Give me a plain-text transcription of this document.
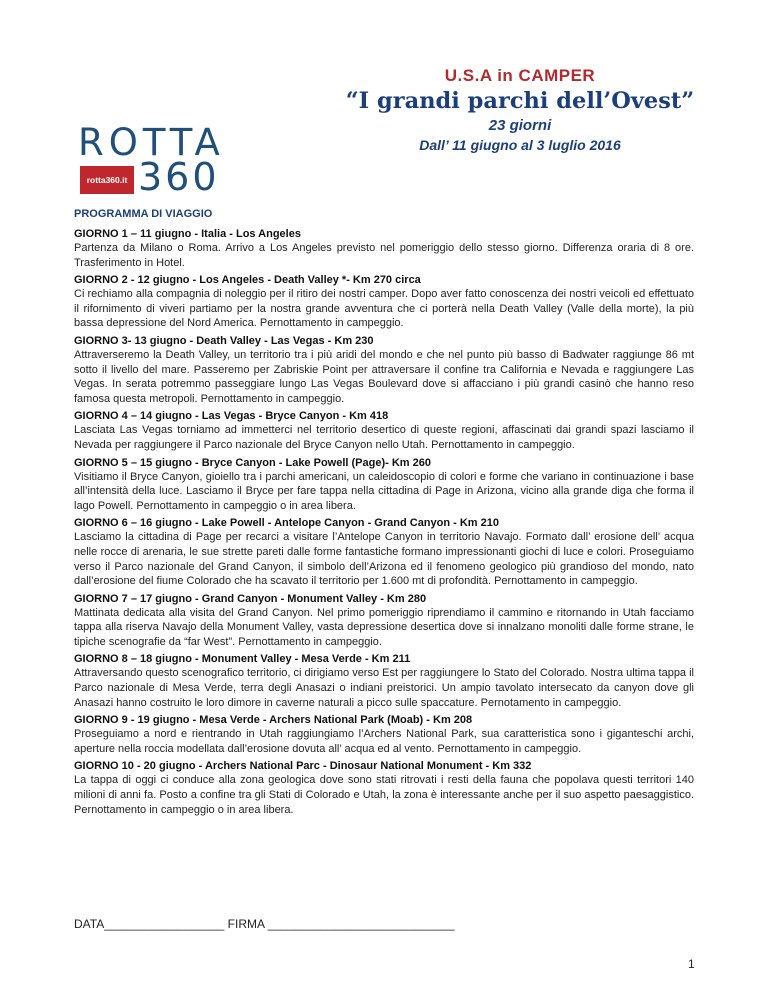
ROTTA
rotta360.it 360
U.S.A in CAMPER
“I grandi parchi dell’Ovest”
23 giorni
Dall’ 11 giugno al 3 luglio 2016
PROGRAMMA DI VIAGGIO

GIORNO 1 – 11 giugno - Italia - Los Angeles

Partenza da Milano o Roma. Arrivo a Los Angeles previsto nel pomeriggio dello stesso giorno. Differenza oraria di 8 ore. Trasferimento in Hotel.

GIORNO 2 - 12 giugno - Los Angeles - Death Valley *- Km 270 circa

Ci rechiamo alla compagnia di noleggio per il ritiro dei nostri camper. Dopo aver fatto conoscenza dei nostri veicoli ed effettuato il rifornimento di viveri partiamo per la nostra grande avventura che ci porterà nella Death Valley (Valle della morte), la più bassa depressione del Nord America. Pernottamento in campeggio.

GIORNO 3- 13 giugno - Death Valley - Las Vegas - Km 230

Attraverseremo la Death Valley, un territorio tra i più aridi del mondo e che nel punto più basso di Badwater raggiunge 86 mt sotto il livello del mare. Passeremo per Zabriskie Point per attraversare il confine tra California e Nevada e raggiungere Las Vegas. In serata potremmo passeggiare lungo Las Vegas Boulevard dove si affacciano i più grandi casinò che hanno reso famosa questa metropoli. Pernottamento in campeggio.

GIORNO 4 – 14 giugno - Las Vegas - Bryce Canyon - Km 418

Lasciata Las Vegas torniamo ad immetterci nel territorio desertico di queste regioni, affascinati dai grandi spazi lasciamo il Nevada per raggiungere il Parco nazionale del Bryce Canyon nello Utah. Pernottamento in campeggio.

GIORNO 5 – 15 giugno - Bryce Canyon - Lake Powell (Page)- Km 260

Visitiamo il Bryce Canyon, gioiello tra i parchi americani, un caleidoscopio di colori e forme che variano in continuazione i base all’intensità della luce. Lasciamo il Bryce per fare tappa nella cittadina di Page in Arizona, vicino alla grande diga che forma il lago Powell. Pernottamento in campeggio o in area libera.

GIORNO 6 – 16 giugno - Lake Powell - Antelope Canyon - Grand Canyon - Km 210

Lasciamo la cittadina di Page per recarci a visitare l’Antelope Canyon in territorio Navajo. Formato dall’ erosione dell’ acqua nelle rocce di arenaria, le sue strette pareti dalle forme fantastiche formano impressionanti giochi di luce e colori. Proseguiamo verso il Parco nazionale del Grand Canyon, il simbolo dell’Arizona ed il fenomeno geologico più grandioso del mondo, nato dall’erosione del fiume Colorado che ha scavato il territorio per 1.600 mt di profondità. Pernottamento in campeggio.

GIORNO 7 – 17 giugno - Grand Canyon - Monument Valley - Km 280

Mattinata dedicata alla visita del Grand Canyon. Nel primo pomeriggio riprendiamo il cammino e ritornando in Utah facciamo tappa alla riserva Navajo della Monument Valley, vasta depressione desertica dove si innalzano monoliti dalle forme strane, le tipiche scenografie da “far West”. Pernottamento in campeggio.

GIORNO 8 – 18 giugno - Monument Valley - Mesa Verde - Km 211

Attraversando questo scenografico territorio, ci dirigiamo verso Est per raggiungere lo Stato del Colorado. Nostra ultima tappa il Parco nazionale di Mesa Verde, terra degli Anasazi o indiani preistorici. Un ampio tavolato intersecato da canyon dove gli Anasazi hanno costruito le loro dimore in caverne naturali a picco sulle spaccature. Pernotamento in campeggio.

GIORNO 9 - 19 giugno - Mesa Verde - Archers National Park (Moab) - Km 208

Proseguiamo a nord e rientrando in Utah raggiungiamo l’Archers National Park, sua caratteristica sono i giganteschi archi, aperture nella roccia modellata dall’erosione dovuta all’ acqua ed al vento. Pernottamento in campeggio.

GIORNO 10 - 20 giugno - Archers National Parc - Dinosaur National Monument - Km 332

La tappa di oggi ci conduce alla zona geologica dove sono stati ritrovati i resti della fauna che popolava questi territori 140 milioni di anni fa. Posto a confine tra gli Stati di Colorado e Utah, la zona è interessante anche per il suo aspetto paesaggistico. Pernottamento in campeggio o in area libera.

DATA__________________ FIRMA ____________________________
1
